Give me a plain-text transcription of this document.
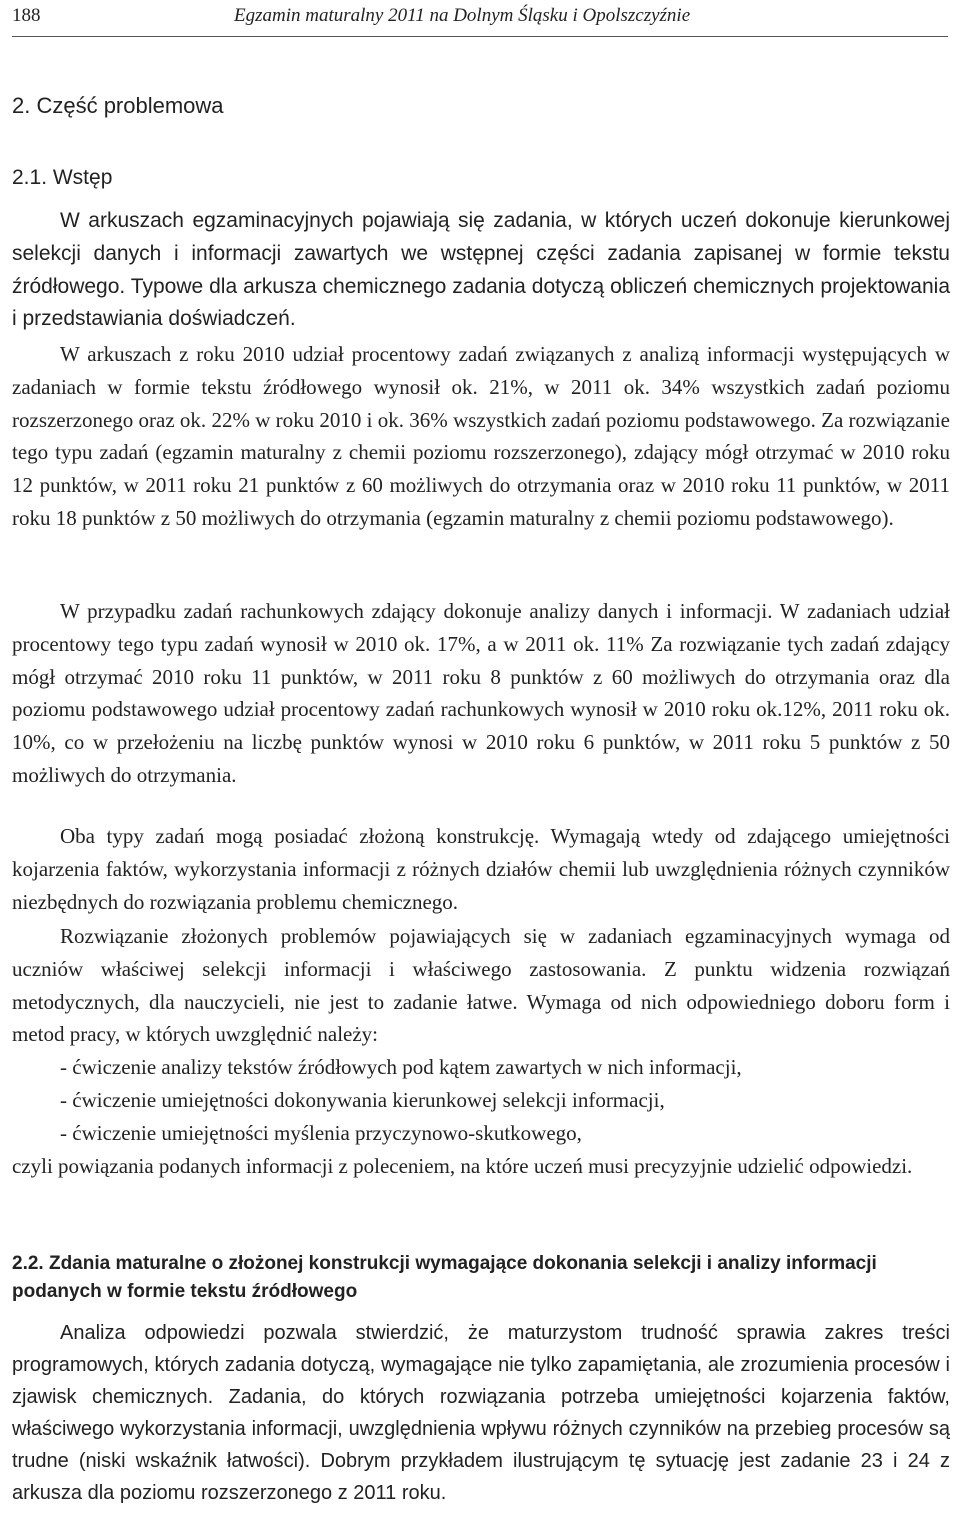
188	Egzamin maturalny 2011 na Dolnym Śląsku i Opolszczyźnie
2. Część problemowa
2.1. Wstęp

W arkuszach egzaminacyjnych pojawiają się zadania, w których uczeń dokonuje kierunkowej selekcji danych i informacji zawartych we wstępnej części zadania zapisanej w formie tekstu źródłowego. Typowe dla arkusza chemicznego zadania dotyczą obliczeń chemicznych projektowania i przedstawiania doświadczeń.

W arkuszach z roku 2010 udział procentowy zadań związanych z analizą informacji występujących w zadaniach w formie tekstu źródłowego wynosił ok. 21%, w 2011 ok. 34% wszystkich zadań poziomu rozszerzonego oraz ok. 22% w roku 2010 i ok. 36% wszystkich zadań poziomu podstawowego. Za rozwiązanie tego typu zadań (egzamin maturalny z chemii poziomu rozszerzonego), zdający mógł otrzymać w 2010 roku 12 punktów, w 2011 roku 21 punktów z 60 możliwych do otrzymania oraz w 2010 roku 11 punktów, w 2011 roku 18 punktów z 50 możliwych do otrzymania (egzamin maturalny z chemii poziomu podstawowego).

W przypadku zadań rachunkowych zdający dokonuje analizy danych i informacji. W zadaniach udział procentowy tego typu zadań wynosił w 2010 ok. 17%, a w 2011 ok. 11% Za rozwiązanie tych zadań zdający mógł otrzymać 2010 roku 11 punktów, w 2011 roku 8 punktów z 60 możliwych do otrzymania oraz dla poziomu podstawowego udział procentowy zadań rachunkowych wynosił w 2010 roku ok.12%, 2011 roku ok. 10%, co w przełożeniu na liczbę punktów wynosi w 2010 roku 6 punktów, w 2011 roku 5 punktów z 50 możliwych do otrzymania.

Oba typy zadań mogą posiadać złożoną konstrukcję. Wymagają wtedy od zdającego umiejętności kojarzenia faktów, wykorzystania informacji z różnych działów chemii lub uwzględnienia różnych czynników niezbędnych do rozwiązania problemu chemicznego.

Rozwiązanie złożonych problemów pojawiających się w zadaniach egzaminacyjnych wymaga od uczniów właściwej selekcji informacji i właściwego zastosowania. Z punktu widzenia rozwiązań metodycznych, dla nauczycieli, nie jest to zadanie łatwe. Wymaga od nich odpowiedniego doboru form i metod pracy, w których uwzględnić należy:

- ćwiczenie analizy tekstów źródłowych pod kątem zawartych w nich informacji,

- ćwiczenie umiejętności dokonywania kierunkowej selekcji informacji,

- ćwiczenie umiejętności myślenia przyczynowo-skutkowego,

czyli powiązania podanych informacji z poleceniem, na które uczeń musi precyzyjnie udzielić odpowiedzi.

2.2. Zdania maturalne o złożonej konstrukcji wymagające dokonania selekcji i analizy informacji podanych w formie tekstu źródłowego

Analiza odpowiedzi pozwala stwierdzić, że maturzystom trudność sprawia zakres treści programowych, których zadania dotyczą, wymagające nie tylko zapamiętania, ale zrozumienia procesów i zjawisk chemicznych. Zadania, do których rozwiązania potrzeba umiejętności kojarzenia faktów, właściwego wykorzystania informacji, uwzględnienia wpływu różnych czynników na przebieg procesów są trudne (niski wskaźnik łatwości). Dobrym przykładem ilustrującym tę sytuację jest zadanie 23 i 24 z arkusza dla poziomu rozszerzonego z 2011 roku.
